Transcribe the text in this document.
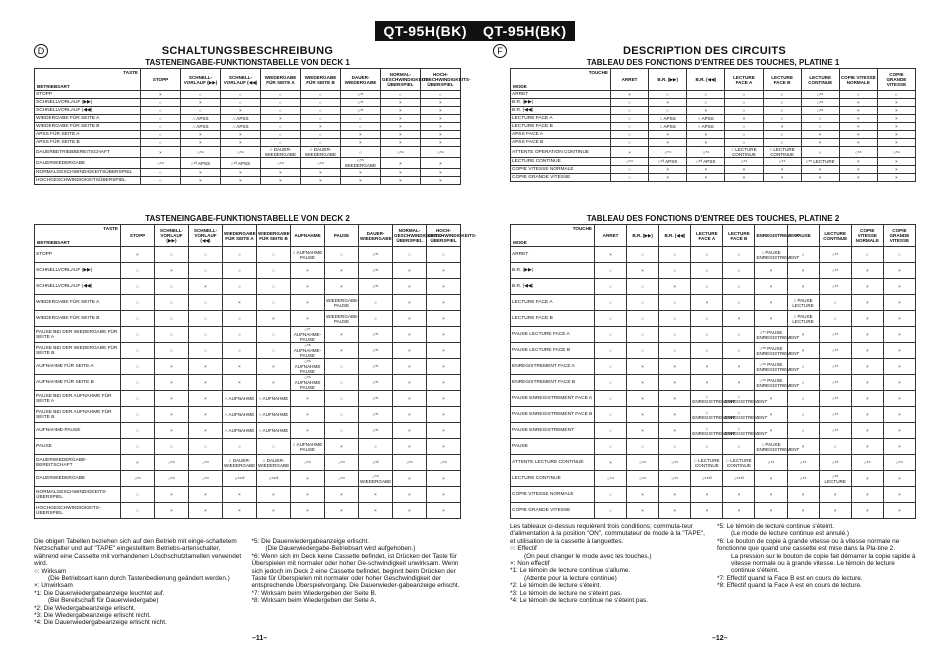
QT-95H(BK)
D	SCHALTUNGSBESCHREIBUNG
TASTENEINGABE-FUNKTIONSTABELLE VON DECK 1
TASTE
BETRIEBSART	STOPP	SCHNELL-VORLAUF (▶▶)	SCHNELL-VORLAUF (◀◀)	WIEDERGABE FÜR SEITE A	WIEDERGABE FÜR SEITE B	DAUER-WIEDERGABE	NORMAL-GESCHWINDIGKEITS-ÜBERSPIEL	HOCH-GESCHWINDIGKEITS-ÜBERSPIEL
STOPP	×	○	○	○	○	○*¹	○	○
SCHNELLVORLAUF (▶▶)	○	×	○	○	○	○*¹	×	×
SCHNELLVORLAUF (◀◀)	○	○	×	○	○	○*¹	×	×
WIEDERGABE FÜR SEITE A	○	○ APSS	○ APSS	×	○	○	×	×
WIEDERGABE FÜR SEITE B	○	○ APSS	○ APSS	○	×	○	×	×
APSS FÜR SEITE A	○	×	×	○	○	×	×	×
APSS FÜR SEITE B	○	×	×	○	○	×	×	×
DAUERBETRIEBBEREITSCHAFT	×	○*⁴	○*⁴	○ DAUER-WIEDERGABE	○ DAUER-WIEDERGABE	○	○*⁴	○*⁴
DAUERWIEDERGABE	○*⁴	○*³ APSS	○*³ APSS	○*⁴	○*⁴	○*⁵ WIEDERGABE	×	×
NORMALGESCHWINDIGKEITSÜBERSPIEL	○	×	×	×	×	×	×	×
HOCHGESCHWINDIGKEITSÜBERSPIEL	○	×	×	×	×	×	×	×
TASTENEINGABE-FUNKTIONSTABELLE VON DECK 2
TASTE
BETRIEBSART	STOPP	SCHNELL-VORLAUF (▶▶)	SCHNELL-VORLAUF (◀◀)	WIEDERGABE FÜR SEITE A	WIEDERGABE FÜR SEITE B	AUFNAHME	PAUSE	DAUER-WIEDERGABE	NORMAL-GESCHWINDIGKEITS-ÜBERSPIEL	HOCH-GESCHWINDIGKEITS-ÜBERSPIEL
STOPP	×	○	○	○	○	○ AUFNAHME PAUSE	○	○*¹	○	○
SCHNELLVORLAUF (▶▶)	○	×	○	○	○	×	×	○*¹	×	×
SCHNELLVORLAUF (◀◀)	○	○	×	○	○	×	×	○*¹	×	×
WIEDERGABE FÜR SEITE A	○	○	○	×	○	×	WIEDERGABE-PAUSE	○	×	×
WIEDERGABE FÜR SEITE B	○	○	○	○	×	×	WIEDERGABE-PAUSE	○	×	×
PAUSE BEI DER WIEDERGABE FÜR SEITE A	○	○	○	○	○	○*⁷ AUFNAHME-PAUSE	×	○*¹	×	×
PAUSE BEI DER WIEDERGABE FÜR SEITE B	○	○	○	○	○	○*⁸ AUFNAHME-PAUSE	×	○*¹	×	×
AUFNAHME FÜR SEITE A	○	×	×	×	×	○*⁶ AUFNAHME PAUSE	○	○*¹	×	×
AUFNAHME FÜR SEITE B	○	×	×	×	×	○*⁶ AUFNAHME PAUSE	○	○*¹	×	×
PAUSE BEI DER AUFNAHME FÜR SEITE A	○	×	×	○ AUFNAHME	○ AUFNAHME	×	○	○*¹	×	×
PAUSE BEI DER AUFNAHME FÜR SEITE B	○	×	×	○ AUFNAHME	○ AUFNAHME	×	○	○*¹	×	×
AUFNAHME-PAUSE	○	×	×	○ AUFNAHME	○ AUFNAHME	×	○	○*¹	×	×
PAUSE	○	○	○	○	○	○ AUFNAHME PAUSE	×	○	×	×
DAUERWIEDERGABE-BEREITSCHAFT	×	○*⁴	○*⁴	○ DAUER-WIEDERGABE	○ DAUER-WIEDERGABE	○*⁴	○*⁴	○*²	○*⁴	○*⁴
DAUERWIEDERGABE	○*⁴	○*⁴	○*⁴	○*⁴*²	○*⁴*²	×	○*⁴	○*⁵ WIEDERGABE	×	×
NORMALGESCHWINDIGKEITS-ÜBERSPIEL	○	×	×	×	×	×	×	×	×	×
HOCHGESCHWINDIGKEITS-ÜBERSPIEL	○	×	×	×	×	×	×	×	×	×

Die obigen Tabellen beziehen sich auf den Betrieb mit einge-schaltetem Netzschalter und auf "TAPE" eingestelltem Betriebs-artenschalter, während eine Cassette mit vorhandenen Löschschutzlamellen verwendet wird.

○: Wirksam

(Die Betriebsart kann durch Tastenbedienung geändert werden.)

×: Unwirksam

*1: Die Dauerwiedergabeanzeige leuchtet auf.

(Bei Bereitschaft für Dauerwiedergabe)

*2: Die Wiedergabeanzeige erlischt.

*3: Die Wiedergabeanzeige erlischt nicht.

*4: Die Dauerwiedergabeanzeige erlischt nicht.

*5: Die Dauerwiedergabeanzeige erlischt.

(Die Dauerwiedergabe-Betriebsart wird aufgehoben.)

*6: Wenn sich im Deck keine Cassette befindet, ist Drücken der Taste für Überspielen mit normaler oder hoher Ge-schwindigkeit unwirksam. Wenn sich jedoch im Deck 2 eine Cassette befindet, beginnt beim Drücken der Taste für Überspielen mit normaler oder hoher Geschwindigkeit der entsprechende Überspielvorgang. Die Dauerwieder-gabeanzeige erlischt.

*7: Wirksam beim Wiedergeben der Seite B.

*8: Wirksam beim Wiedergeben der Seite A.

–11–
QT-95H(BK)
F	DESCRIPTION DES CIRCUITS
TABLEAU DES FONCTIONS D'ENTREE DES TOUCHES, PLATINE 1
TOUCHE
MODE	ARRET	B.R. (▶▶)	B.R. (◀◀)	LECTURE FACE A	LECTURE FACE B	LECTURE CONTINUE	COPIE VITESSE NORMALE	COPIE GRANDE VITESSE
ARRET	×	○	○	○	○	○*¹	○	○
B.R. (▶▶)	○	×	○	○	○	○*¹	×	×
B.R. (◀◀)	○	○	×	○	○	○*¹	×	×
LECTURE FACE A	○	○ APSS	○ APSS	×	○	○	×	×
LECTURE FACE B	○	○ APSS	○ APSS	○	×	○	×	×
APSS FACE A	○	×	×	○	○	×	×	×
APSS FACE B	○	×	×	○	○	×	×	×
ATTENTE OPERATION CONTINUE	×	○*⁴	○*⁴	○ LECTURE CONTINUE	○ LECTURE CONTINUE	○	○*⁴	○*⁴
LECTURE CONTINUE	○*⁴	○*³ APSS	○*³ APSS	○*⁴	○*⁴	○*⁵ LECTURE	×	×
COPIE VITESSE NORMALE	○	×	×	×	×	×	×	×
COPIE GRANDE VITESSE	○	×	×	×	×	×	×	×
TABLEAU DES FONCTIONS D'ENTREE DES TOUCHES, PLATINE 2
TOUCHE
MODE	ARRET	B.R. (▶▶)	B.R. (◀◀)	LECTURE FACE A	LECTURE FACE B	ENREGISTREMENT	PAUSE	LECTURE CONTINUE	COPIE VITESSE NORMALE	COPIE GRANDE VITESSE
ARRET	×	○	○	○	○	○ PAUSE ENREGISTREMENT	○	○*¹	○	○
B.R. (▶▶)	○	×	○	○	○	×	×	○*¹	×	×
B.R. (◀◀)	○	○	×	○	○	×	×	○*¹	×	×
LECTURE FACE A	○	○	○	×	○	×	○ PAUSE LECTURE	○	×	×
LECTURE FACE B	○	○	○	○	×	×	○ PAUSE LECTURE	○	×	×
PAUSE LECTURE FACE A	○	○	○	○	○	○*⁷ PAUSE ENREGISTREMENT	×	○*¹	×	×
PAUSE LECTURE FACE B	○	○	○	○	○	○*⁸ PAUSE ENREGISTREMENT	×	○*¹	×	×
ENREGISTREMENT FACE A	○	×	×	×	×	○*⁶ PAUSE ENREGISTREMENT	○	○*¹	×	×
ENREGISTREMENT FACE B	○	×	×	×	×	○*⁶ PAUSE ENREGISTREMENT	○	○*¹	×	×
PAUSE ENREGISTREMENT FACE A	○	×	×	○ ENREGISTREMENT	○ ENREGISTREMENT	×	○	○*¹	×	×
PAUSE ENREGISTREMENT FACE B	○	×	×	○ ENREGISTREMENT	○ ENREGISTREMENT	×	○	○*¹	×	×
PAUSE ENREGISTREMENT	○	×	×	○ ENREGISTREMENT	○ ENREGISTREMENT	×	○	○*¹	×	×
PAUSE	○	○	○	○	○	○ PAUSE ENREGISTREMENT	×	○	×	×
ATTENTE LECTURE CONTINUE	×	○*⁴	○*⁴	○ LECTURE CONTINUE	○ LECTURE CONTINUE	○*⁴	○*⁴	○*²	○*⁴	○*⁴
LECTURE CONTINUE	○*⁴	○*⁴	○*⁴	○*⁴*²	○*⁴*²	×	○*⁴	○*⁵ LECTURE	×	×
COPIE VITESSE NORMALE	○	×	×	×	×	×	×	×	×	×
COPIE GRANDE VITESSE	○	×	×	×	×	×	×	×	×	×

Les tableaux ci-dessus requièrent trois conditions; commuta-teur d'alimentation à la position "ON", commutateur de mode à la "TAPE", et utilisation de la cassette à languettes.

○: Effectif

(On peut changer le mode avec les touches.)

×: Non effectif

*1: Le témoin de lecture continue s'allume.

(Attente pour la lecture continue)

*2: Le témoin de lecture s'éteint.

*3: Le témoin de lecture ne s'éteint pas.

*4: Le témoin de lecture continue ne s'éteint pas.

*5: Le témoin de lecture continue s'éteint.

(Le mode de lecture continue est annulé.)

*6: Le bouton de copie à grande vitesse ou à vitesse normale ne fonctionne que quand une cassette est mise dans la Pla-tine 2.

La pression sur le bouton de copie fait démarrer la copie rapide à vitesse normale ou à grande vitesse. Le témoin de lecture continue s'éteint.

*7: Effectif quand la Face B est en cours de lecture.

*8: Effectif quand la Face A est en cours de lecture.

–12–
